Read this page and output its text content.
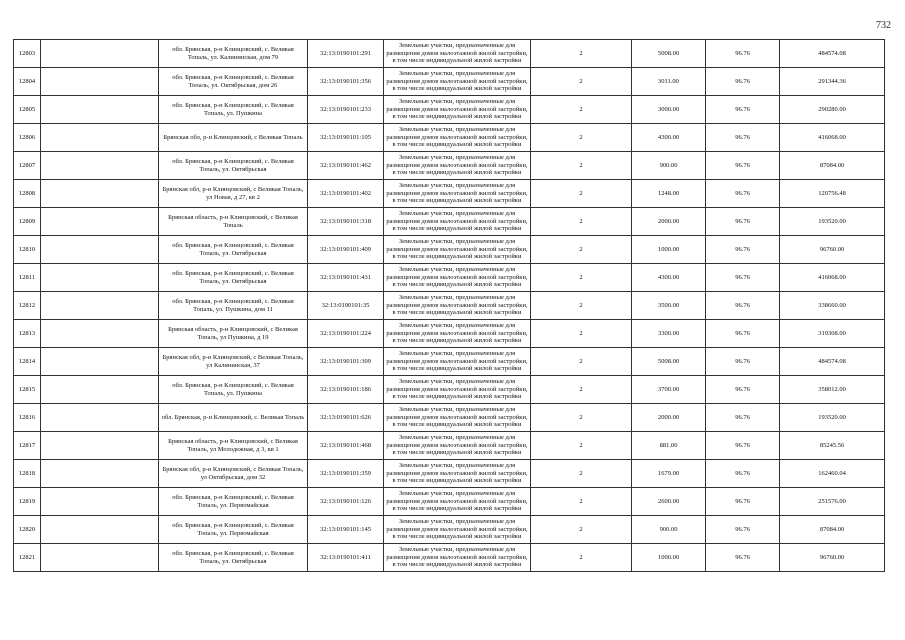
732
12803		обл. Брянская, р-н Клинцовский, с. Великая Топаль, ул. Калининская, дом 79	32:13:0190101:291	Земельные участки, предназначенные для размещения домов малоэтажной жилой застройки, в том числе индивидуальной жилой застройки	2	5008.00	96.76	484574.08
12804		обл. Брянская, р-н Клинцовский, с. Великая Топаль, ул. Октябрьская, дом 26	32:13:0190101:356	Земельные участки, предназначенные для размещения домов малоэтажной жилой застройки, в том числе индивидуальной жилой застройки	2	3011.00	96.76	291344.36
12805		обл. Брянская, р-н Клинцовский, с. Великая Топаль, ул. Пушкина	32:13:0190101:233	Земельные участки, предназначенные для размещения домов малоэтажной жилой застройки, в том числе индивидуальной жилой застройки	2	3000.00	96.76	290280.00
12806		Брянская обл, р-н Клинцовский, с Великая Топаль	32:13:0190101:105	Земельные участки, предназначенные для размещения домов малоэтажной жилой застройки, в том числе индивидуальной жилой застройки	2	4300.00	96.76	416068.00
12807		обл. Брянская, р-н Клинцовский, с. Великая Топаль, ул. Октябрьская	32:13:0190101:462	Земельные участки, предназначенные для размещения домов малоэтажной жилой застройки, в том числе индивидуальной жилой застройки	2	900.00	96.76	87084.00
12808		Брянская обл, р-н Клинцовский, с Великая Топаль, ул Новая, д 27, кв 2	32:13:0190101:402	Земельные участки, предназначенные для размещения домов малоэтажной жилой застройки, в том числе индивидуальной жилой застройки	2	1248.00	96.76	120756.48
12809		Брянская область, р-н Клинцовский, с Великая Топаль	32:13:0190101:318	Земельные участки, предназначенные для размещения домов малоэтажной жилой застройки, в том числе индивидуальной жилой застройки	2	2000.00	96.76	193520.00
12810		обл. Брянская, р-н Клинцовский, с. Великая Топаль, ул. Октябрьская	32:13:0190101:409	Земельные участки, предназначенные для размещения домов малоэтажной жилой застройки, в том числе индивидуальной жилой застройки	2	1000.00	96.76	96760.00
12811		обл. Брянская, р-н Клинцовский, с. Великая Топаль, ул. Октябрьская	32:13:0190101:431	Земельные участки, предназначенные для размещения домов малоэтажной жилой застройки, в том числе индивидуальной жилой застройки	2	4300.00	96.76	416068.00
12812		обл. Брянская, р-н Клинцовский, с. Великая Топаль, ул. Пушкина, дом 11	32:13:0190101:35	Земельные участки, предназначенные для размещения домов малоэтажной жилой застройки, в том числе индивидуальной жилой застройки	2	3500.00	96.76	338660.00
12813		Брянская область, р-н Клинцовский, с Великая Топаль, ул Пушкина, д 19	32:13:0190101:224	Земельные участки, предназначенные для размещения домов малоэтажной жилой застройки, в том числе индивидуальной жилой застройки	2	3300.00	96.76	319308.00
12814		Брянская обл, р-н Клинцовский, с Великая Топаль, ул Калининская, 37	32:13:0190101:309	Земельные участки, предназначенные для размещения домов малоэтажной жилой застройки, в том числе индивидуальной жилой застройки	2	5008.00	96.76	484574.08
12815		обл. Брянская, р-н Клинцовский, с. Великая Топаль, ул. Пушкина	32:13:0190101:186	Земельные участки, предназначенные для размещения домов малоэтажной жилой застройки, в том числе индивидуальной жилой застройки	2	3700.00	96.76	358012.00
12816		обл. Брянская, р-н Клинцовский, с. Великая Топаль	32:13:0190101:626	Земельные участки, предназначенные для размещения домов малоэтажной жилой застройки, в том числе индивидуальной жилой застройки	2	2000.00	96.76	193520.00
12817		Брянская область, р-н Клинцовский, с Великая Топаль, ул Молодежная, д 3, кв 1	32:13:0190101:468	Земельные участки, предназначенные для размещения домов малоэтажной жилой застройки, в том числе индивидуальной жилой застройки	2	881.00	96.76	85245.56
12818		Брянская обл, р-н Клинцовский, с Великая Топаль, ул Октябрьская, дом 32	32:13:0190101:359	Земельные участки, предназначенные для размещения домов малоэтажной жилой застройки, в том числе индивидуальной жилой застройки	2	1679.00	96.76	162460.04
12819		обл. Брянская, р-н Клинцовский, с. Великая Топаль, ул. Первомайская	32:13:0190101:126	Земельные участки, предназначенные для размещения домов малоэтажной жилой застройки, в том числе индивидуальной жилой застройки	2	2600.00	96.76	251576.00
12820		обл. Брянская, р-н Клинцовский, с. Великая Топаль, ул. Первомайская	32:13:0190101:145	Земельные участки, предназначенные для размещения домов малоэтажной жилой застройки, в том числе индивидуальной жилой застройки	2	900.00	96.76	87084.00
12821		обл. Брянская, р-н Клинцовский, с. Великая Топаль, ул. Октябрьская	32:13:0190101:411	Земельные участки, предназначенные для размещения домов малоэтажной жилой застройки, в том числе индивидуальной жилой застройки	2	1000.00	96.76	96760.00
